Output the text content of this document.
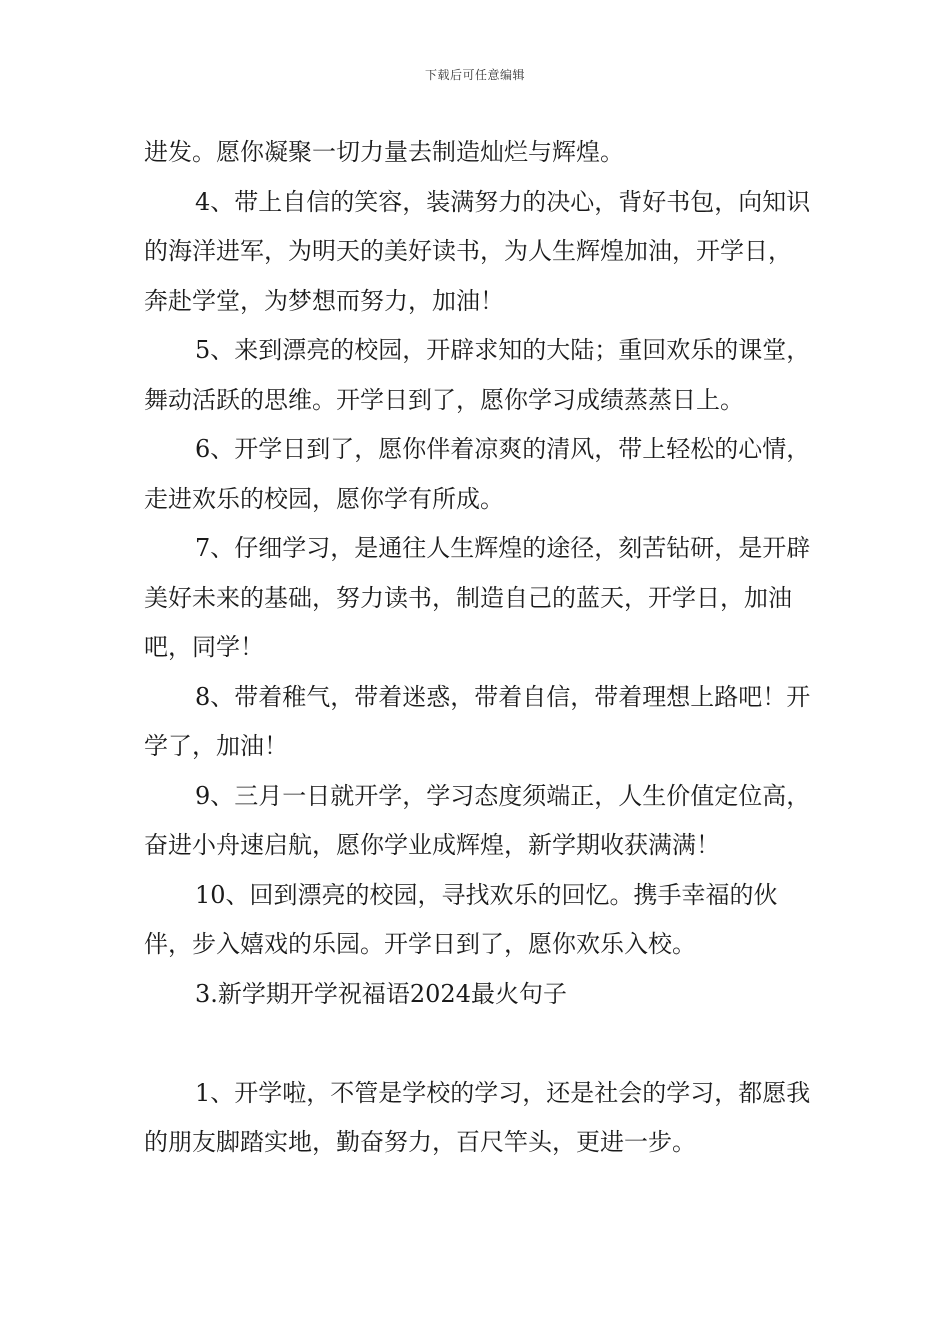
下载后可任意编辑

进发。愿你凝聚一切力量去制造灿烂与辉煌。

4、带上自信的笑容，装满努力的决心，背好书包，向知识的海洋进军，为明天的美好读书，为人生辉煌加油，开学日，奔赴学堂，为梦想而努力，加油！

5、来到漂亮的校园，开辟求知的大陆；重回欢乐的课堂，舞动活跃的思维。开学日到了，愿你学习成绩蒸蒸日上。

6、开学日到了，愿你伴着凉爽的清风，带上轻松的心情，走进欢乐的校园，愿你学有所成。

7、仔细学习，是通往人生辉煌的途径，刻苦钻研，是开辟美好未来的基础，努力读书，制造自己的蓝天，开学日，加油吧，同学！

8、带着稚气，带着迷惑，带着自信，带着理想上路吧！开学了，加油！

9、三月一日就开学，学习态度须端正，人生价值定位高，奋进小舟速启航，愿你学业成辉煌，新学期收获满满！

10、回到漂亮的校园，寻找欢乐的回忆。携手幸福的伙伴，步入嬉戏的乐园。开学日到了，愿你欢乐入校。

3.新学期开学祝福语2024最火句子

1、开学啦，不管是学校的学习，还是社会的学习，都愿我的朋友脚踏实地，勤奋努力，百尺竿头，更进一步。
